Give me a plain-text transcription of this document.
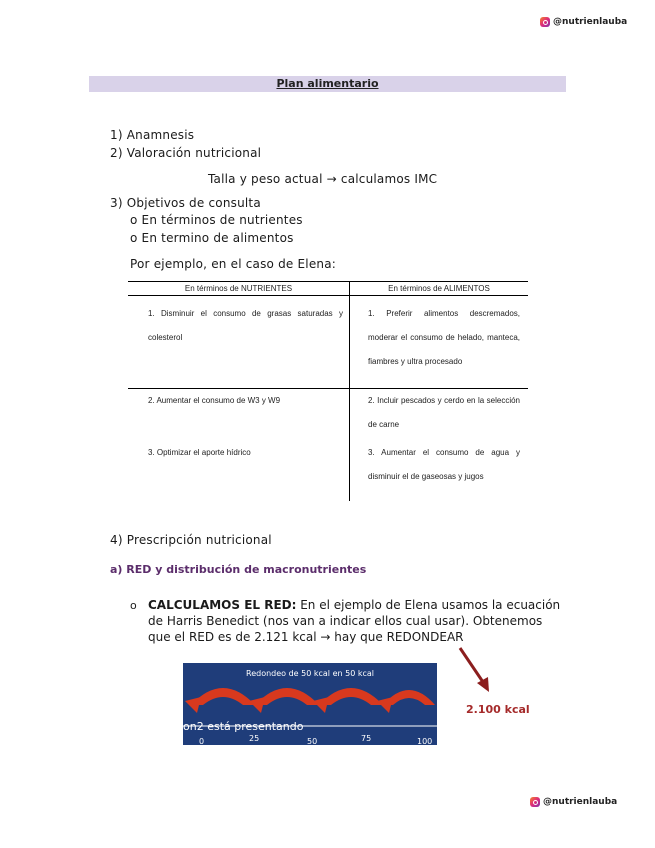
@nutrienlauba
Plan alimentario
1) Anamnesis
2) Valoración nutricional
Talla y peso actual → calculamos IMC
3) Objetivos de consulta
o En términos de nutrientes
o En termino de alimentos
Por ejemplo, en el caso de Elena:
En términos de NUTRIENTES	En términos de ALIMENTOS

1. Disminuir el consumo de grasas saturadas y colesterol	1. Preferir alimentos descremados, moderar el consumo de helado, manteca, fiambres y ultra procesado

2. Aumentar el consumo de W3 y W9	2. Incluir pescados y cerdo en la selección de carne

3. Optimizar el aporte hídrico	3. Aumentar el consumo de agua y disminuir el de gaseosas y jugos
4) Prescripción nutricional
a) RED y distribución de macronutrientes
o CALCULAMOS EL RED: En el ejemplo de Elena usamos la ecuación de Harris Benedict (nos van a indicar ellos cual usar). Obtenemos que el RED es de 2.121 kcal → hay que REDONDEAR
Redondeo de 50 kcal en 50 kcal
on2 está presentando
0	25	50	75	100
2.100 kcal
@nutrienlauba
